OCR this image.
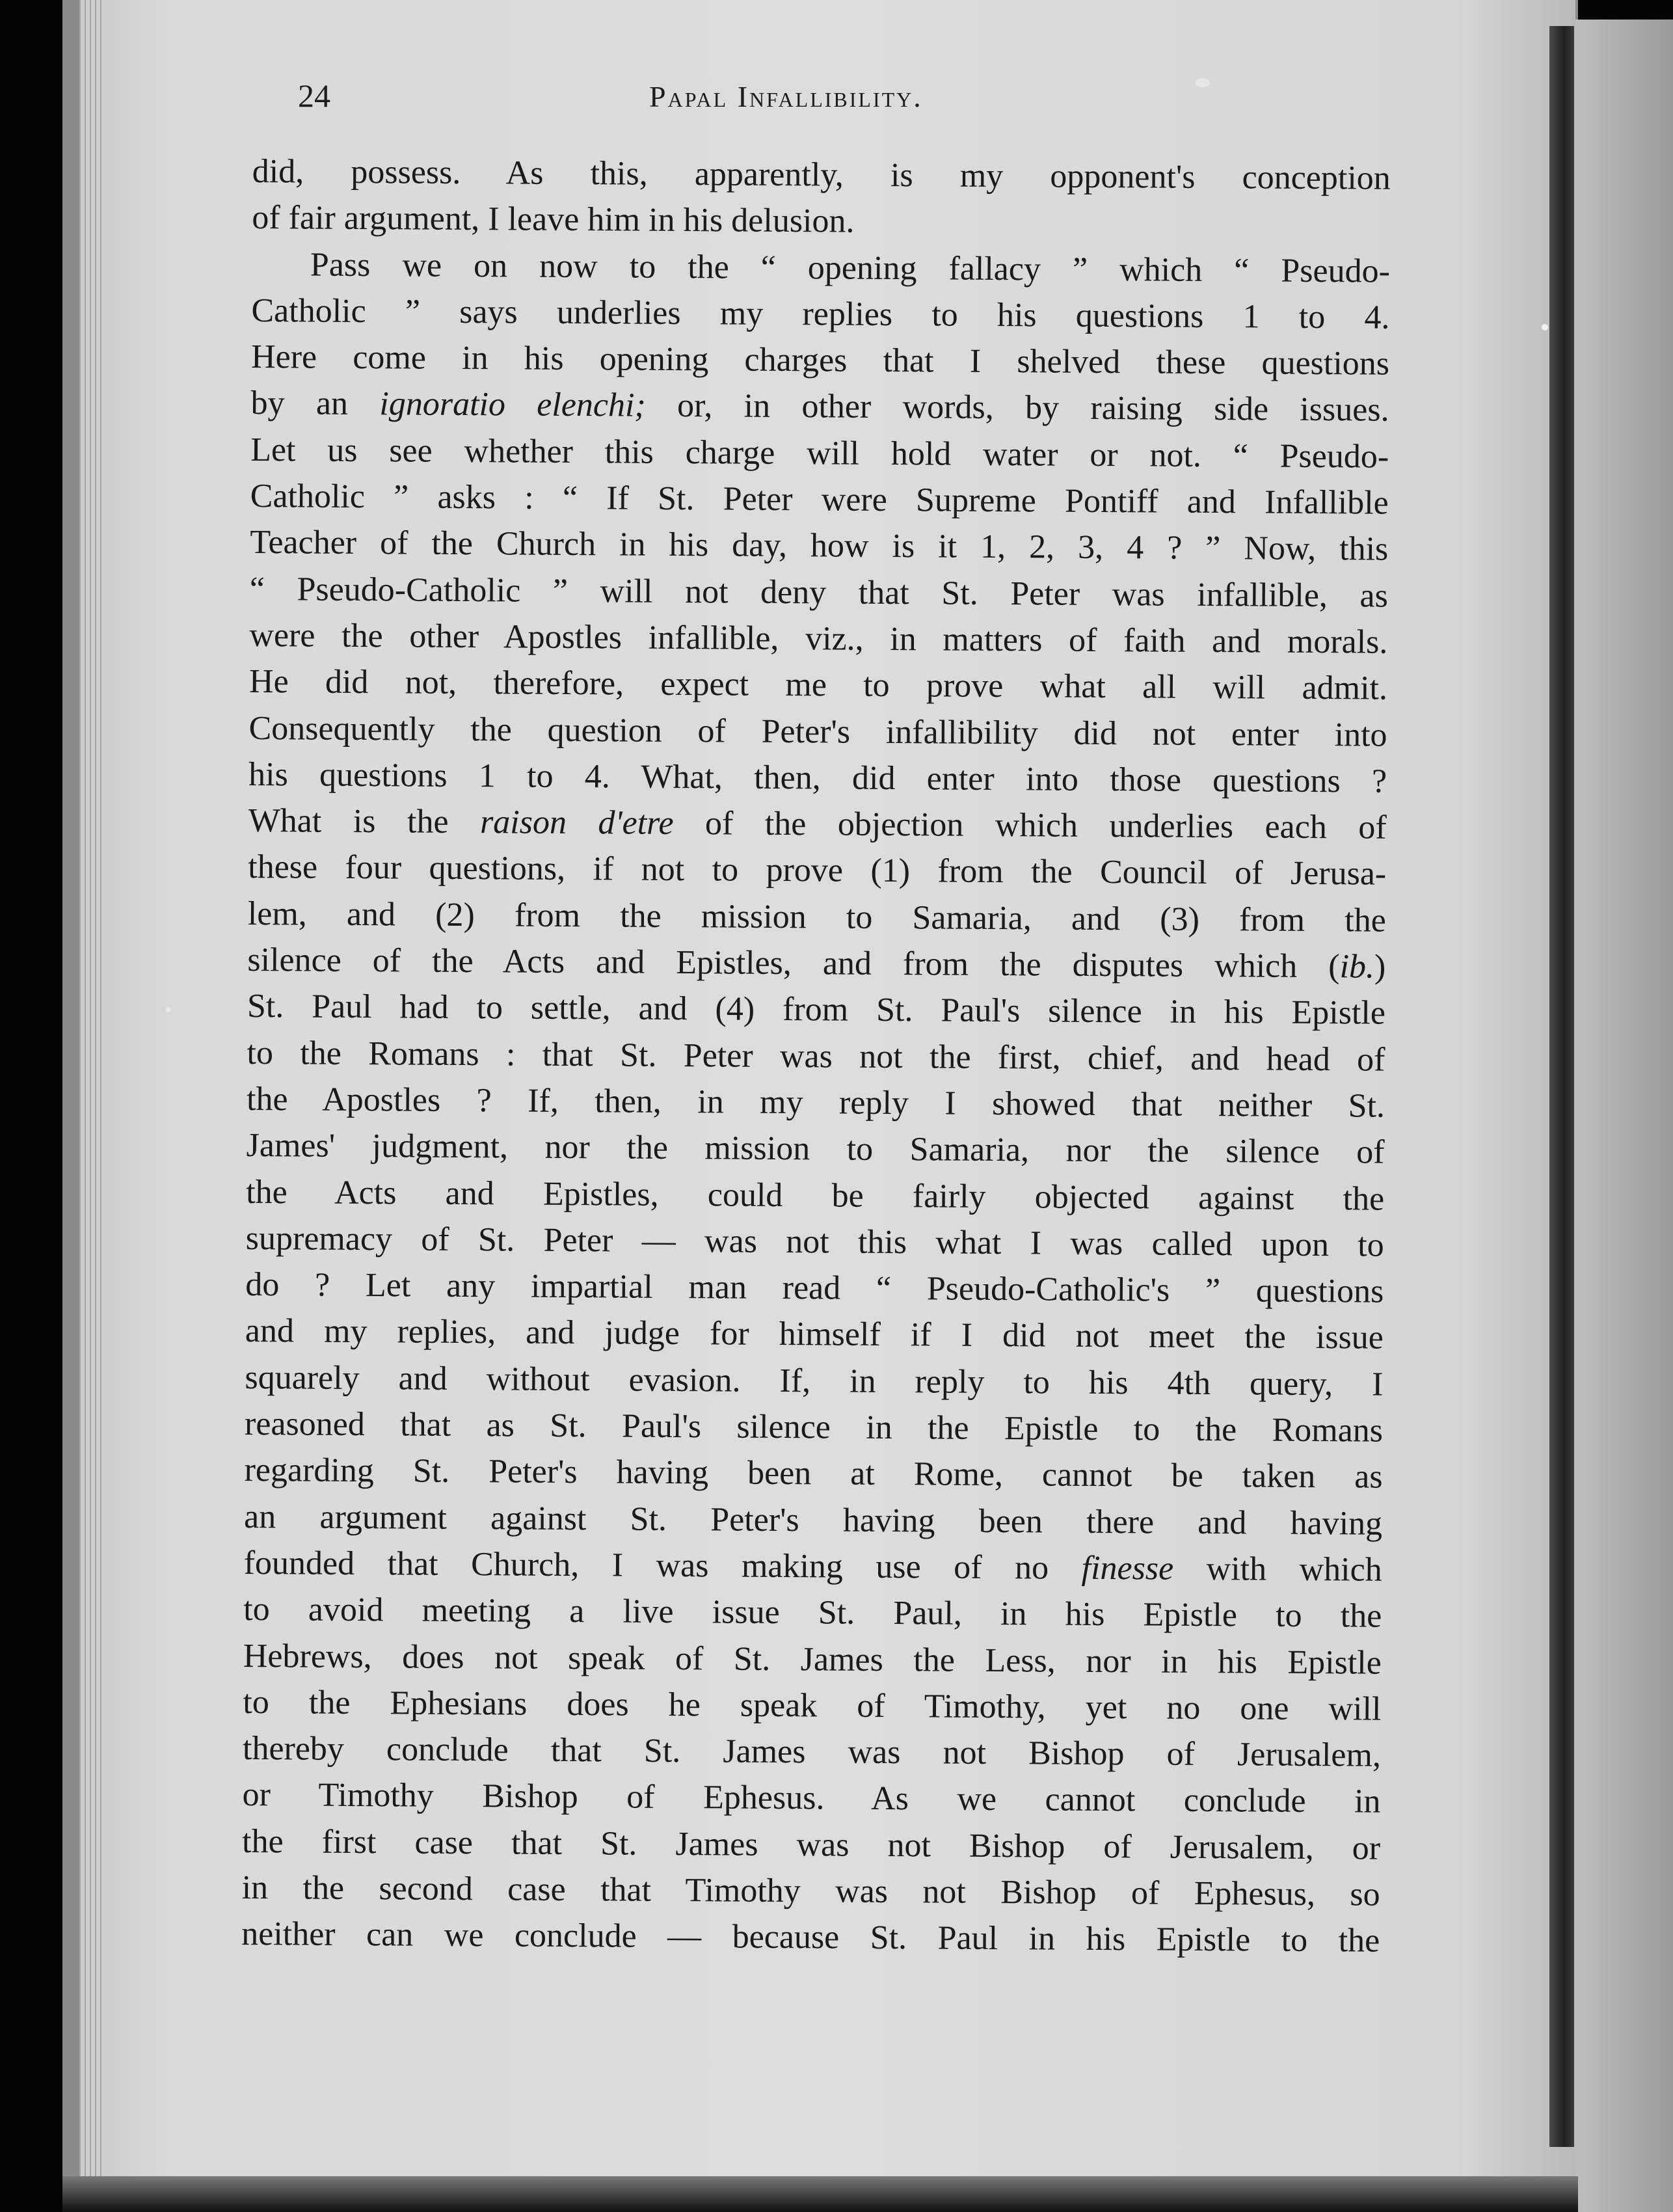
24	Papal Infallibility.
did, possess. As this, apparently, is my opponent's conception
of fair argument, I leave him in his delusion.
Pass we on now to the “ opening fallacy ” which “ Pseudo-
Catholic ” says underlies my replies to his questions 1 to 4.
Here come in his opening charges that I shelved these questions
by an ignoratio elenchi; or, in other words, by raising side issues.
Let us see whether this charge will hold water or not. “ Pseudo-
Catholic ” asks : “ If St. Peter were Supreme Pontiff and Infallible
Teacher of the Church in his day, how is it 1, 2, 3, 4 ? ” Now, this
“ Pseudo-Catholic ” will not deny that St. Peter was infallible, as
were the other Apostles infallible, viz., in matters of faith and morals.
He did not, therefore, expect me to prove what all will admit.
Consequently the question of Peter's infallibility did not enter into
his questions 1 to 4. What, then, did enter into those questions ?
What is the raison d'etre of the objection which underlies each of
these four questions, if not to prove (1) from the Council of Jerusa-
lem, and (2) from the mission to Samaria, and (3) from the
silence of the Acts and Epistles, and from the disputes which (ib.)
St. Paul had to settle, and (4) from St. Paul's silence in his Epistle
to the Romans : that St. Peter was not the first, chief, and head of
the Apostles ? If, then, in my reply I showed that neither St.
James' judgment, nor the mission to Samaria, nor the silence of
the Acts and Epistles, could be fairly objected against the
supremacy of St. Peter — was not this what I was called upon to
do ? Let any impartial man read “ Pseudo-Catholic's ” questions
and my replies, and judge for himself if I did not meet the issue
squarely and without evasion. If, in reply to his 4th query, I
reasoned that as St. Paul's silence in the Epistle to the Romans
regarding St. Peter's having been at Rome, cannot be taken as
an argument against St. Peter's having been there and having
founded that Church, I was making use of no finesse with which
to avoid meeting a live issue St. Paul, in his Epistle to the
Hebrews, does not speak of St. James the Less, nor in his Epistle
to the Ephesians does he speak of Timothy, yet no one will
thereby conclude that St. James was not Bishop of Jerusalem,
or Timothy Bishop of Ephesus. As we cannot conclude in
the first case that St. James was not Bishop of Jerusalem, or
in the second case that Timothy was not Bishop of Ephesus, so
neither can we conclude — because St. Paul in his Epistle to the
